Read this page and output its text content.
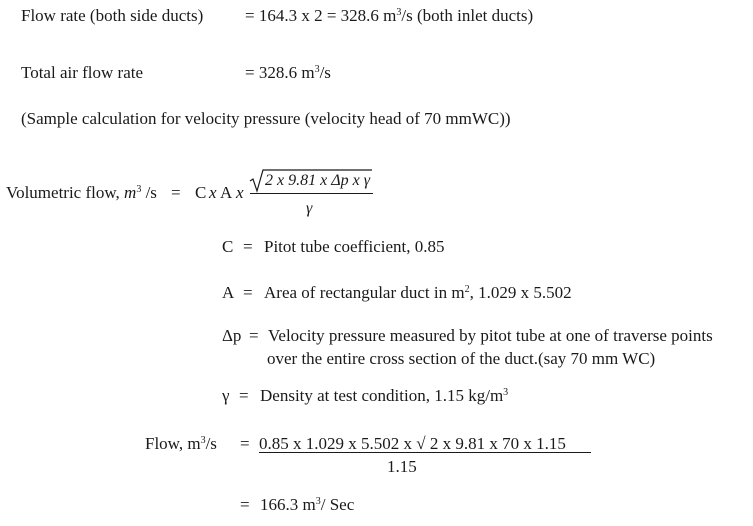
Flow rate (both side ducts) = 164.3 x 2 = 328.6 $m^3/s$ (both inlet ducts)
Total air flow rate	= 328.6 $m^3/s$
(Sample calculation for velocity pressure (velocity head of 70 mmWC))
Volumetric flow, $m^3$ /s = C x A x
2 x 9.81 x Δp x γ
γ
C = Pitot tube coefficient, 0.85
A = Area of rectangular duct in $m^2$, 1.029 x 5.502
Δp = Velocity pressure measured by pitot tube at one of traverse points
over the entire cross section of the duct.(say 70 mm WC)
γ = Density at test condition, 1.15 $kg/m^3$
Flow, $m^3/s = 0.85$ x 1.029 x 5.502 x √ 2 x 9.81 x 70 x 1.15
1.15
= 166.3 $m^3/$ Sec
